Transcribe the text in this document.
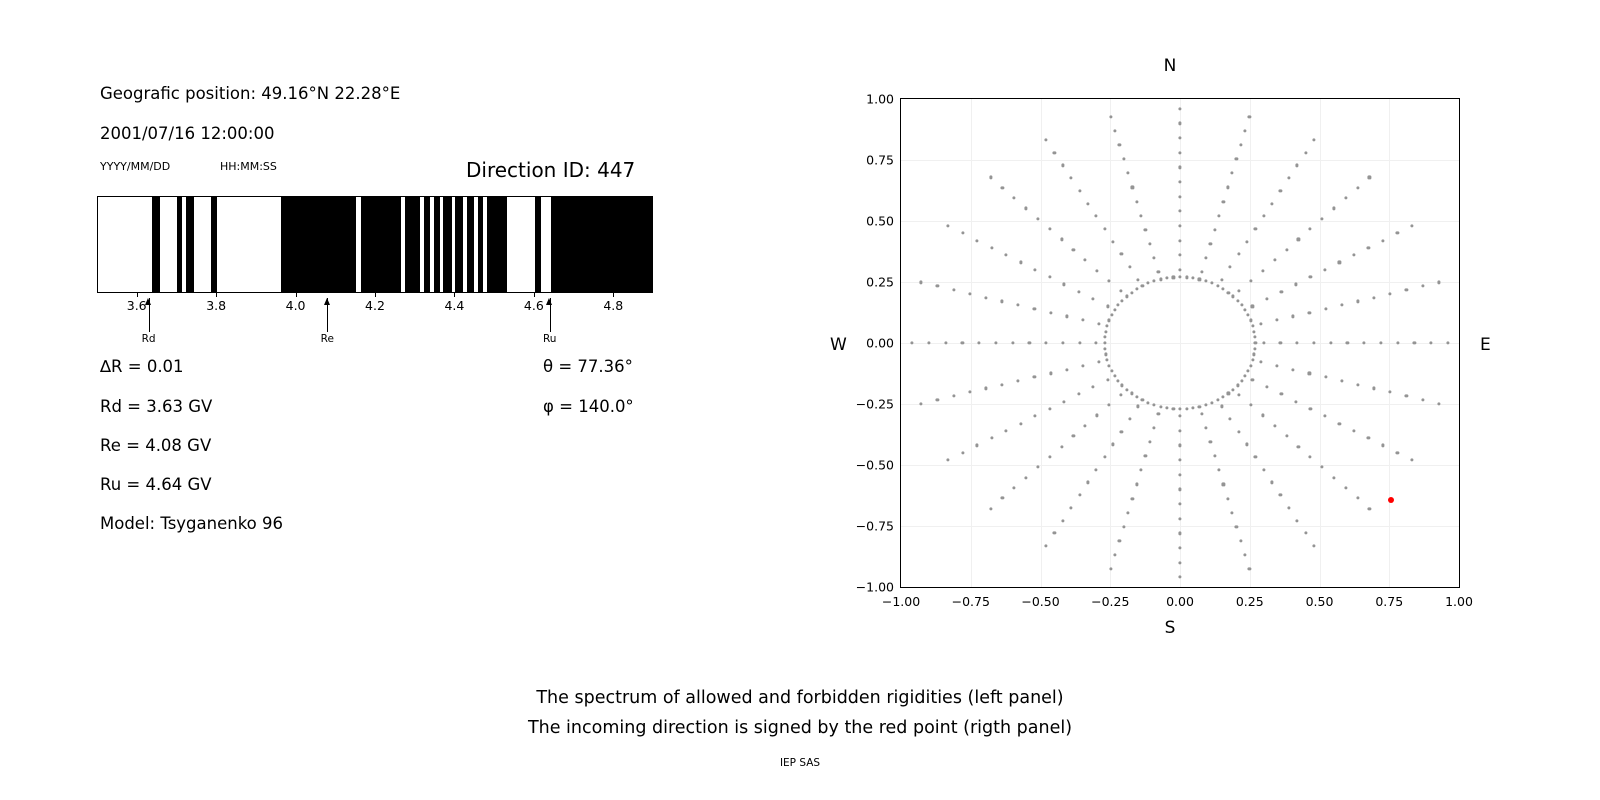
Geografic position: 49.16°N 22.28°E
2001/07/16 12:00:00
YYYY/MM/DD	HH:MM:SS	Direction ID: 447
3.6	3.8	4.0	4.2	4.4	4.6	4.8
Rd	Re	Ru
∆R = 0.01
Rd = 3.63 GV
Re = 4.08 GV
Ru = 4.64 GV
Model: Tsyganenko 96
θ = 77.36°
φ = 140.0°
N
S
E
W
−1.00
−0.75
−0.50
−0.25
0.00
0.25
0.50
0.75
1.00
−1.00	−0.75	−0.50	−0.25	0.00	0.25	0.50	0.75	1.00
The spectrum of allowed and forbidden rigidities (left panel)
The incoming direction is signed by the red point (rigth panel)
IEP SAS
